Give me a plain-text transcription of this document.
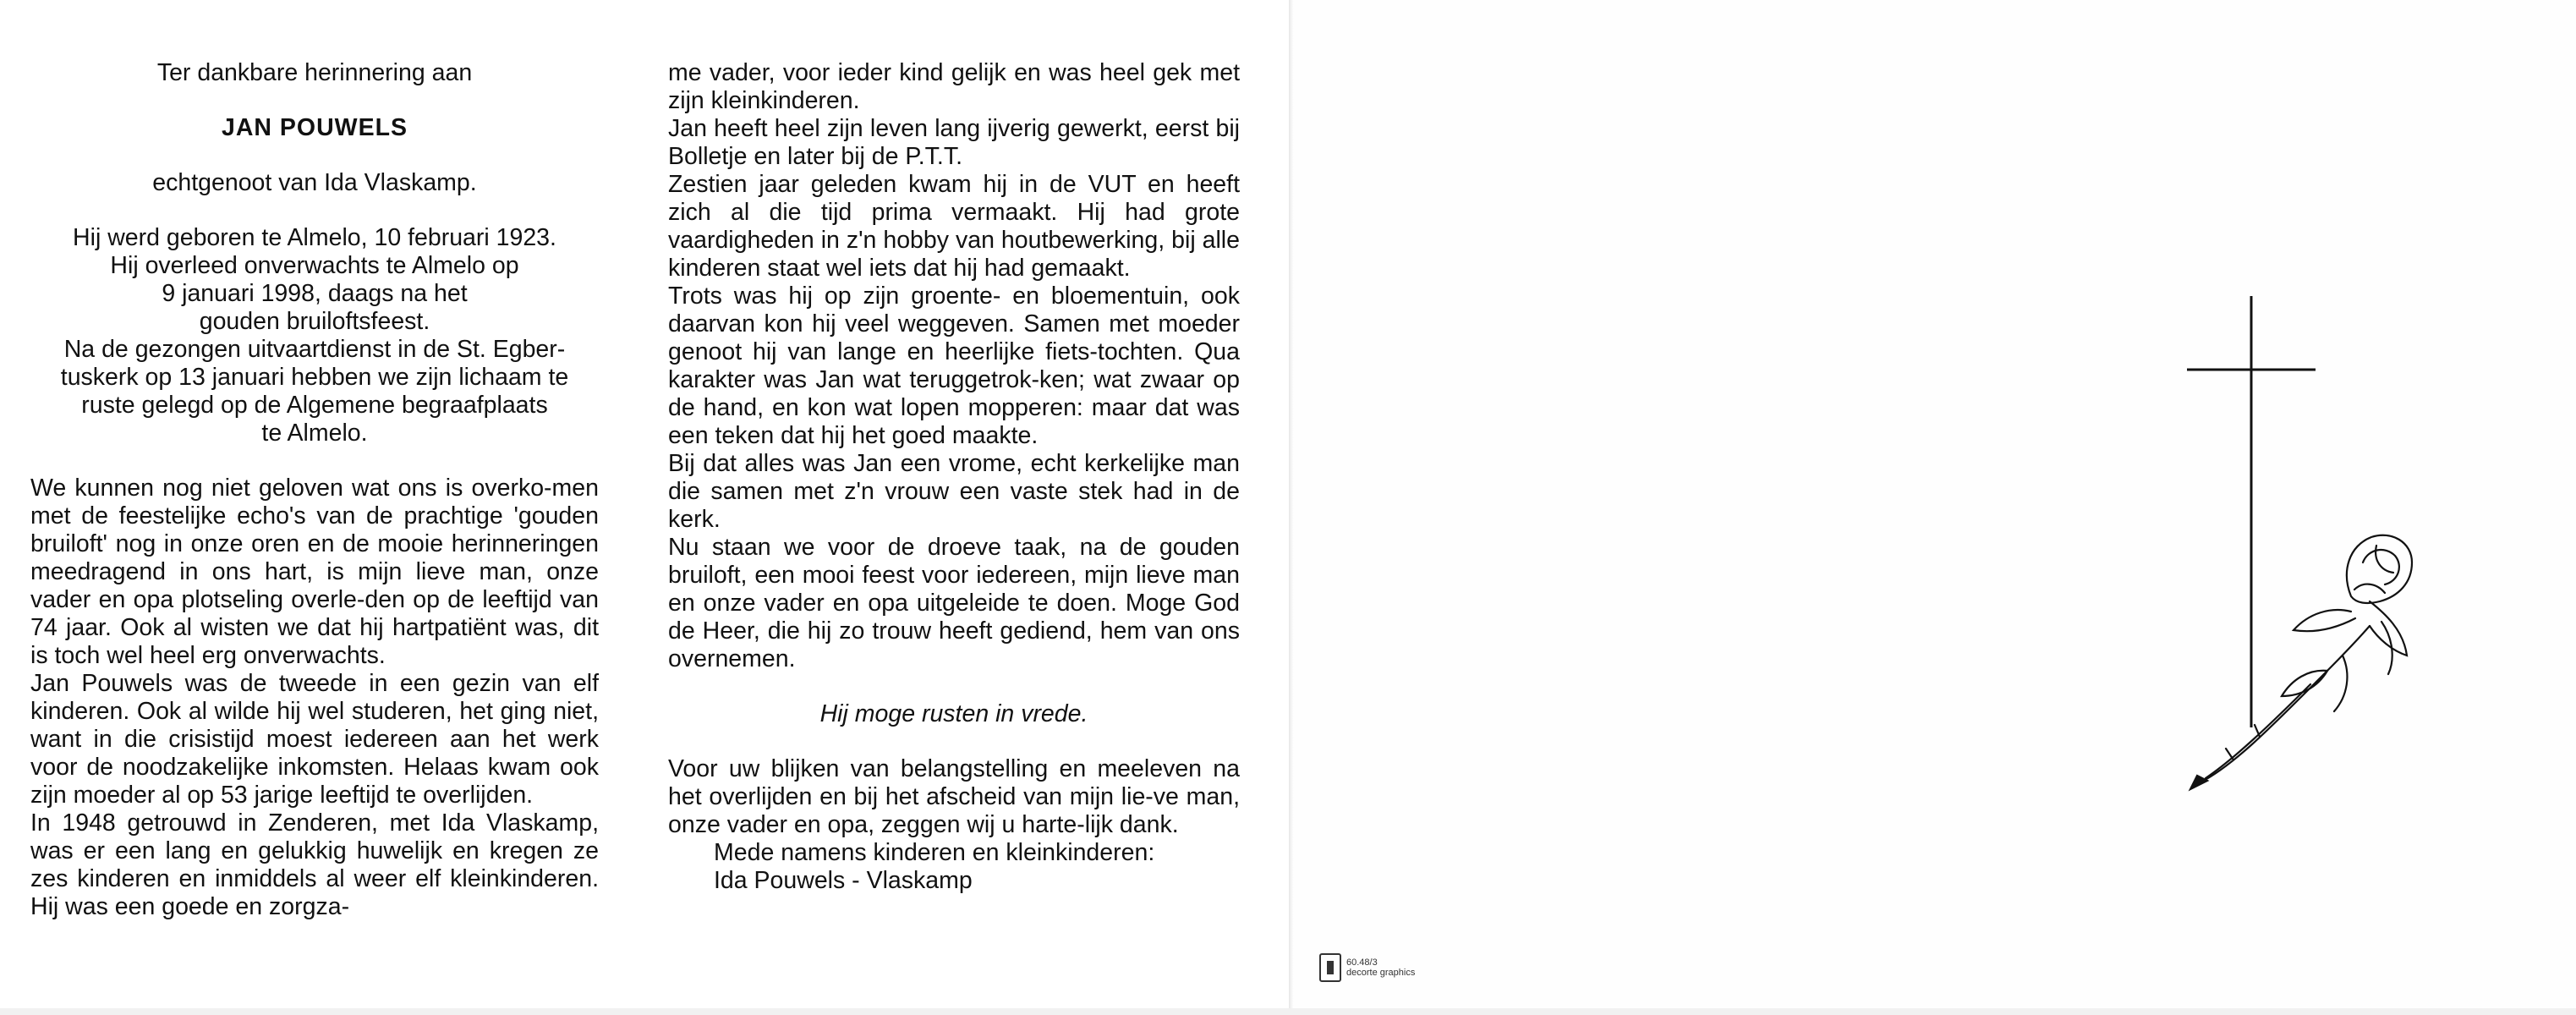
Ter dankbare herinnering aan

JAN POUWELS

echtgenoot van Ida Vlaskamp.

Hij werd geboren te Almelo, 10 februari 1923.
Hij overleed onverwachts te Almelo op
9 januari 1998, daags na het
gouden bruiloftsfeest.
Na de gezongen uitvaartdienst in de St. Egber-
tuskerk op 13 januari hebben we zijn lichaam te
ruste gelegd op de Algemene begraafplaats
te Almelo.

We kunnen nog niet geloven wat ons is overko-men met de feestelijke echo's van de prachtige 'gouden bruiloft' nog in onze oren en de mooie herinneringen meedragend in ons hart, is mijn lieve man, onze vader en opa plotseling overle-den op de leeftijd van 74 jaar. Ook al wisten we dat hij hartpatiënt was, dit is toch wel heel erg onverwachts.

Jan Pouwels was de tweede in een gezin van elf kinderen. Ook al wilde hij wel studeren, het ging niet, want in die crisistijd moest iedereen aan het werk voor de noodzakelijke inkomsten. Helaas kwam ook zijn moeder al op 53 jarige leeftijd te overlijden.

In 1948 getrouwd in Zenderen, met Ida Vlaskamp, was er een lang en gelukkig huwelijk en kregen ze zes kinderen en inmiddels al weer elf kleinkinderen. Hij was een goede en zorgza-

me vader, voor ieder kind gelijk en was heel gek met zijn kleinkinderen.

Jan heeft heel zijn leven lang ijverig gewerkt, eerst bij Bolletje en later bij de P.T.T.

Zestien jaar geleden kwam hij in de VUT en heeft zich al die tijd prima vermaakt. Hij had grote vaardigheden in z'n hobby van houtbewerking, bij alle kinderen staat wel iets dat hij had gemaakt.

Trots was hij op zijn groente- en bloementuin, ook daarvan kon hij veel weggeven. Samen met moeder genoot hij van lange en heerlijke fiets-tochten. Qua karakter was Jan wat teruggetrok-ken; wat zwaar op de hand, en kon wat lopen mopperen: maar dat was een teken dat hij het goed maakte.

Bij dat alles was Jan een vrome, echt kerkelijke man die samen met z'n vrouw een vaste stek had in de kerk.

Nu staan we voor de droeve taak, na de gouden bruiloft, een mooi feest voor iedereen, mijn lieve man en onze vader en opa uitgeleide te doen. Moge God de Heer, die hij zo trouw heeft gediend, hem van ons overnemen.

Hij moge rusten in vrede.

Voor uw blijken van belangstelling en meeleven na het overlijden en bij het afscheid van mijn lie-ve man, onze vader en opa, zeggen wij u harte-lijk dank.

Mede namens kinderen en kleinkinderen:

Ida Pouwels - Vlaskamp

60.48/3
decorte graphics
